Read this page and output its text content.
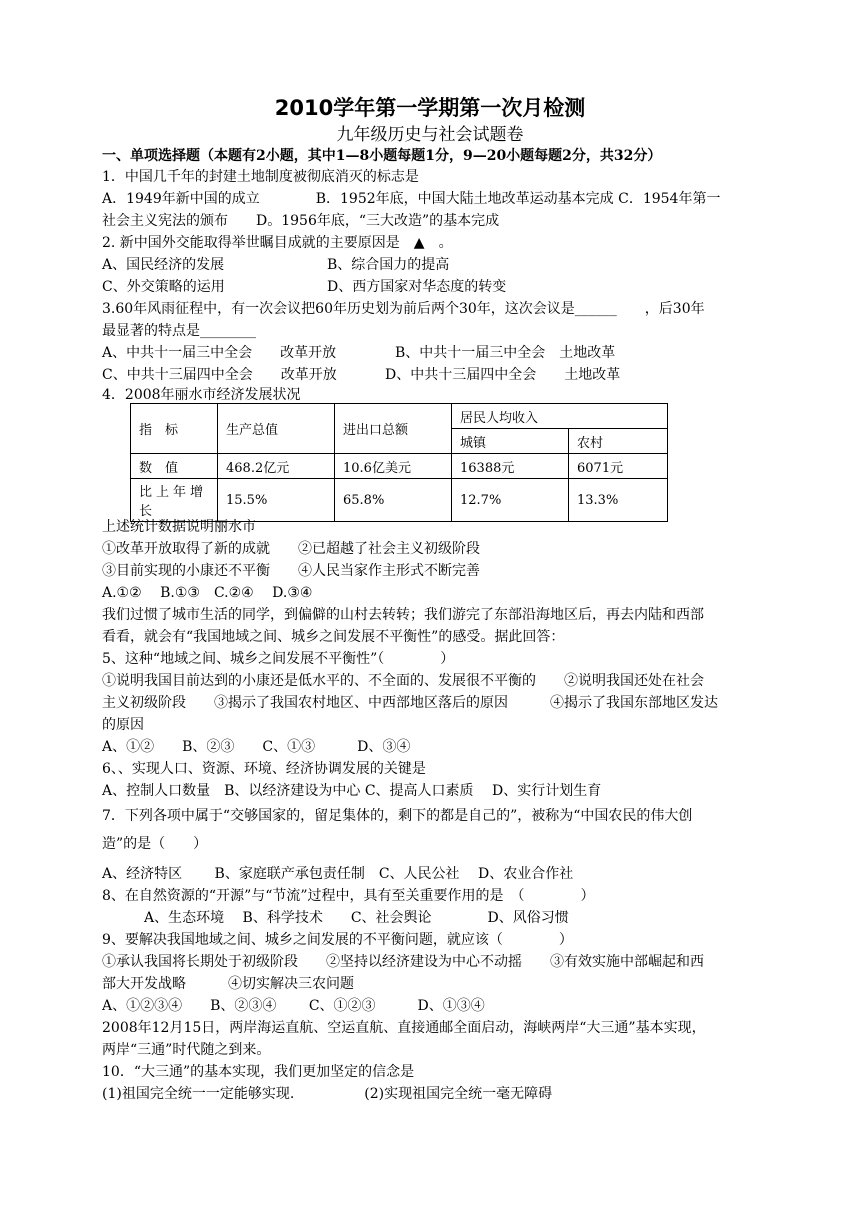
2010学年第一学期第一次月检测
九年级历史与社会试题卷
一、单项选择题（本题有2小题，其中1—8小题每题1分，9—20小题每题2分，共32分）
1．中国几千年的封建土地制度被彻底消灭的标志是
A．1949年新中国的成立　　　　B．1952年底，中国大陆土地改革运动基本完成 C．1954年第一
社会主义宪法的颁布　　D。1956年底，“三大改造”的基本完成
2. 新中国外交能取得举世瞩目成就的主要原因是　▲　。
A、国民经济的发展	B、综合国力的提高
C、外交策略的运用	D、西方国家对华态度的转变
3.60年风雨征程中，有一次会议把60年历史划为前后两个30年，这次会议是______　　，后30年
最显著的特点是________
A、中共十一届三中全会　　改革开放	B、中共十一届三中全会　土地改革
C、中共十三届四中全会　　改革开放	D、中共十三届四中全会　　土地改革
4．2008年丽水市经济发展状况
指　标	生产总值	进出口总额	居民人均收入	
			城镇	农村
数　值	468.2亿元	10.6亿美元	16388元	6071元
比上年增长	15.5%	65.8%	12.7%	13.3%
上述统计数据说明丽水市
①改革开放取得了新的成就　　②已超越了社会主义初级阶段
③目前实现的小康还不平衡　　④人民当家作主形式不断完善
A.①②　 B.①③　C.②④　 D.③④
我们过惯了城市生活的同学，到偏僻的山村去转转；我们游完了东部沿海地区后，再去内陆和西部
看看，就会有“我国地域之间、城乡之间发展不平衡性”的感受。据此回答：
5、这种“地域之间、城乡之间发展不平衡性”（　　　　）
①说明我国目前达到的小康还是低水平的、不全面的、发展很不平衡的　　②说明我国还处在社会
主义初级阶段　　③揭示了我国农村地区、中西部地区落后的原因　　　④揭示了我国东部地区发达
的原因
A、①②　　B、②③　　C、①③　　　D、③④
6、、实现人口、资源、环境、经济协调发展的关键是
A、控制人口数量　B、以经济建设为中心 C、提高人口素质　 D、实行计划生育
7．下列各项中属于“交够国家的，留足集体的，剩下的都是自己的”，被称为“中国农民的伟大创
造”的是（　　）
A、经济特区　　 B、家庭联产承包责任制　C、人民公社　 D、农业合作社
8、在自然资源的“开源”与“节流”过程中，具有至关重要作用的是　（　　　　）
　　　A、生态环境　 B、科学技术　　C、社会舆论　　　　D、风俗习惯
9、要解决我国地域之间、城乡之间发展的不平衡问题，就应该（　　　　）
①承认我国将长期处于初级阶段　　②坚持以经济建设为中心不动摇　　③有效实施中部崛起和西
部大开发战略　　　④切实解决三农问题
A、①②③④　　B、②③④　　 C、①②③　　　D、①③④
2008年12月15日，两岸海运直航、空运直航、直接通邮全面启动，海峡两岸“大三通”基本实现，
两岸“三通”时代随之到来。
10．“大三通”的基本实现，我们更加坚定的信念是
(1)祖国完全统一一定能够实现.　　　　　(2)实现祖国完全统一毫无障碍
